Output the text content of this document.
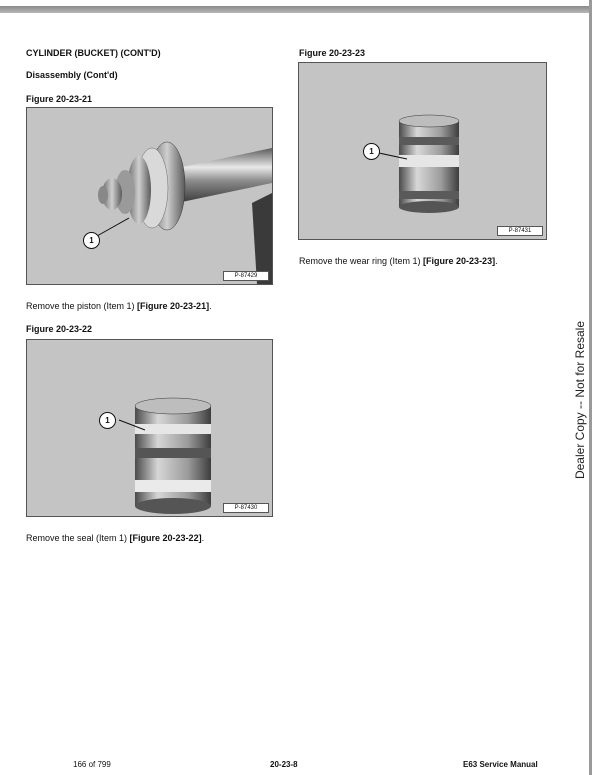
CYLINDER (BUCKET) (CONT'D)
Disassembly (Cont'd)
Figure 20-23-21
1
P-87429
Remove the piston (Item 1) [Figure 20-23-21].
Figure 20-23-22
1
P-87430
Remove the seal (Item 1) [Figure 20-23-22].
Figure 20-23-23
1
P-87431
Remove the wear ring (Item 1) [Figure 20-23-23].
Dealer Copy -- Not for Resale
166 of 799	20-23-8	E63 Service Manual
